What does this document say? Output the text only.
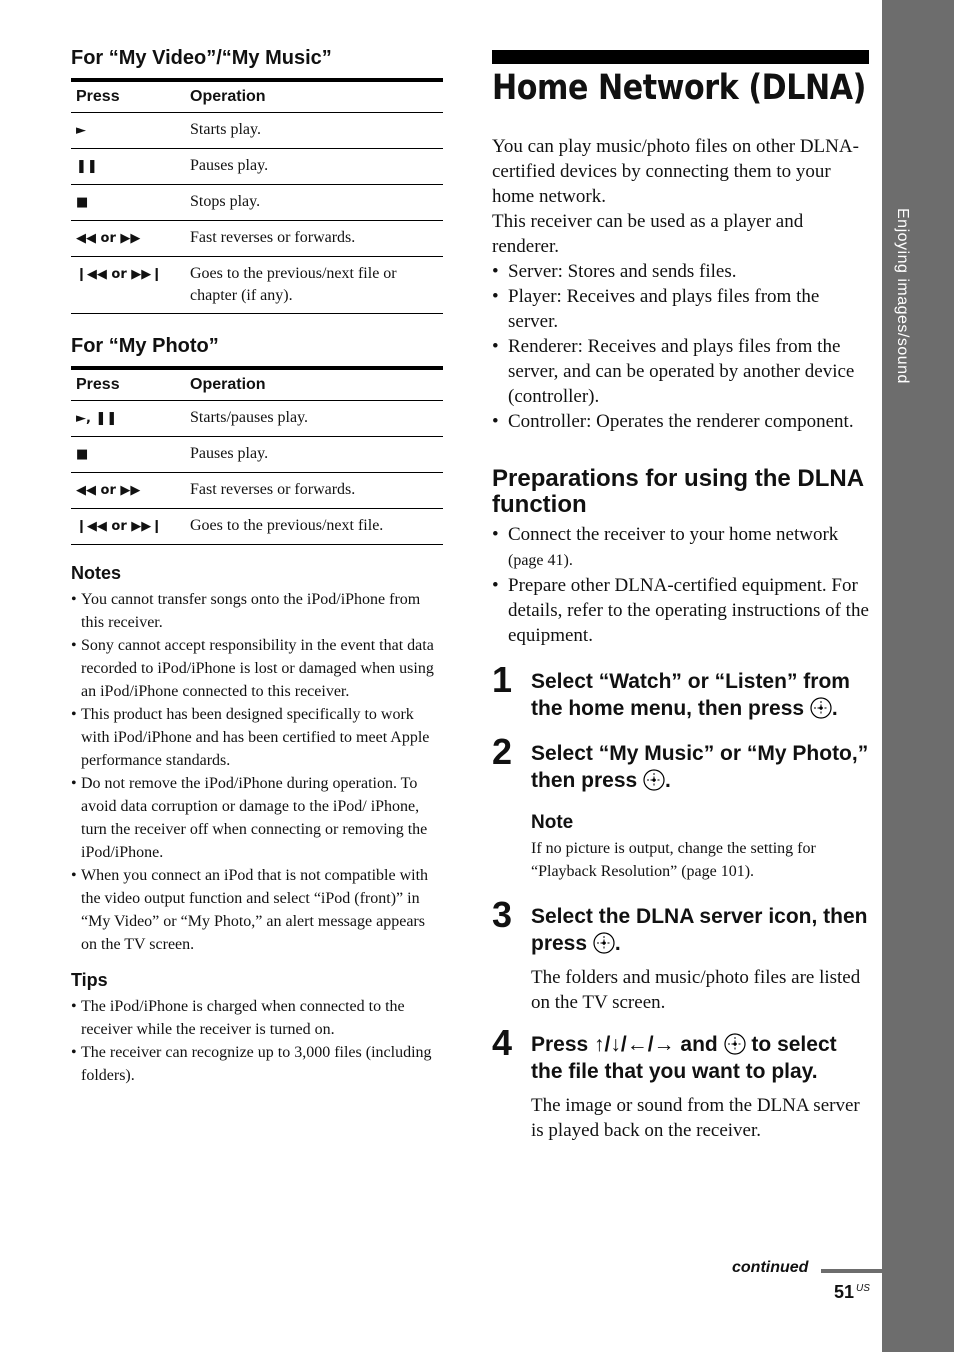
Enjoying images/sound
For “My Video”/“My Music”
Press	Operation
►	Starts play.
❚❚	Pauses play.
■	Stops play.
◀◀ or ▶▶	Fast reverses or forwards.
❙◀◀ or ▶▶❙	Goes to the previous/next file or chapter (if any).
For “My Photo”
Press	Operation
►, ❚❚	Starts/pauses play.
■	Pauses play.
◀◀ or ▶▶	Fast reverses or forwards.
❙◀◀ or ▶▶❙	Goes to the previous/next file.
Notes
• You cannot transfer songs onto the iPod/iPhone from this receiver.
• Sony cannot accept responsibility in the event that data recorded to iPod/iPhone is lost or damaged when using an iPod/iPhone connected to this receiver.
• This product has been designed specifically to work with iPod/iPhone and has been certified to meet Apple performance standards.
• Do not remove the iPod/iPhone during operation. To avoid data corruption or damage to the iPod/ iPhone, turn the receiver off when connecting or removing the iPod/iPhone.
• When you connect an iPod that is not compatible with the video output function and select “iPod (front)” in “My Video” or “My Photo,” an alert message appears on the TV screen.
Tips
• The iPod/iPhone is charged when connected to the receiver while the receiver is turned on.
• The receiver can recognize up to 3,000 files (including folders).
Home Network (DLNA)

You can play music/photo files on other DLNA-certified devices by connecting them to your home network.

This receiver can be used as a player and renderer.

• Server: Stores and sends files.
• Player: Receives and plays files from the server.
• Renderer: Receives and plays files from the server, and can be operated by another device (controller).
• Controller: Operates the renderer component.
Preparations for using the DLNA function
• Connect the receiver to your home network (page 41).
• Prepare other DLNA-certified equipment. For details, refer to the operating instructions of the equipment.
1 Select “Watch” or “Listen” from the home menu, then press .
2 Select “My Music” or “My Photo,” then press .
Note
If no picture is output, change the setting for “Playback Resolution” (page 101).
3 Select the DLNA server icon, then press .
The folders and music/photo files are listed on the TV screen.
4 Press ↑/↓/←/→ and to select the file that you want to play.
The image or sound from the DLNA server is played back on the receiver.
continued
51 US
